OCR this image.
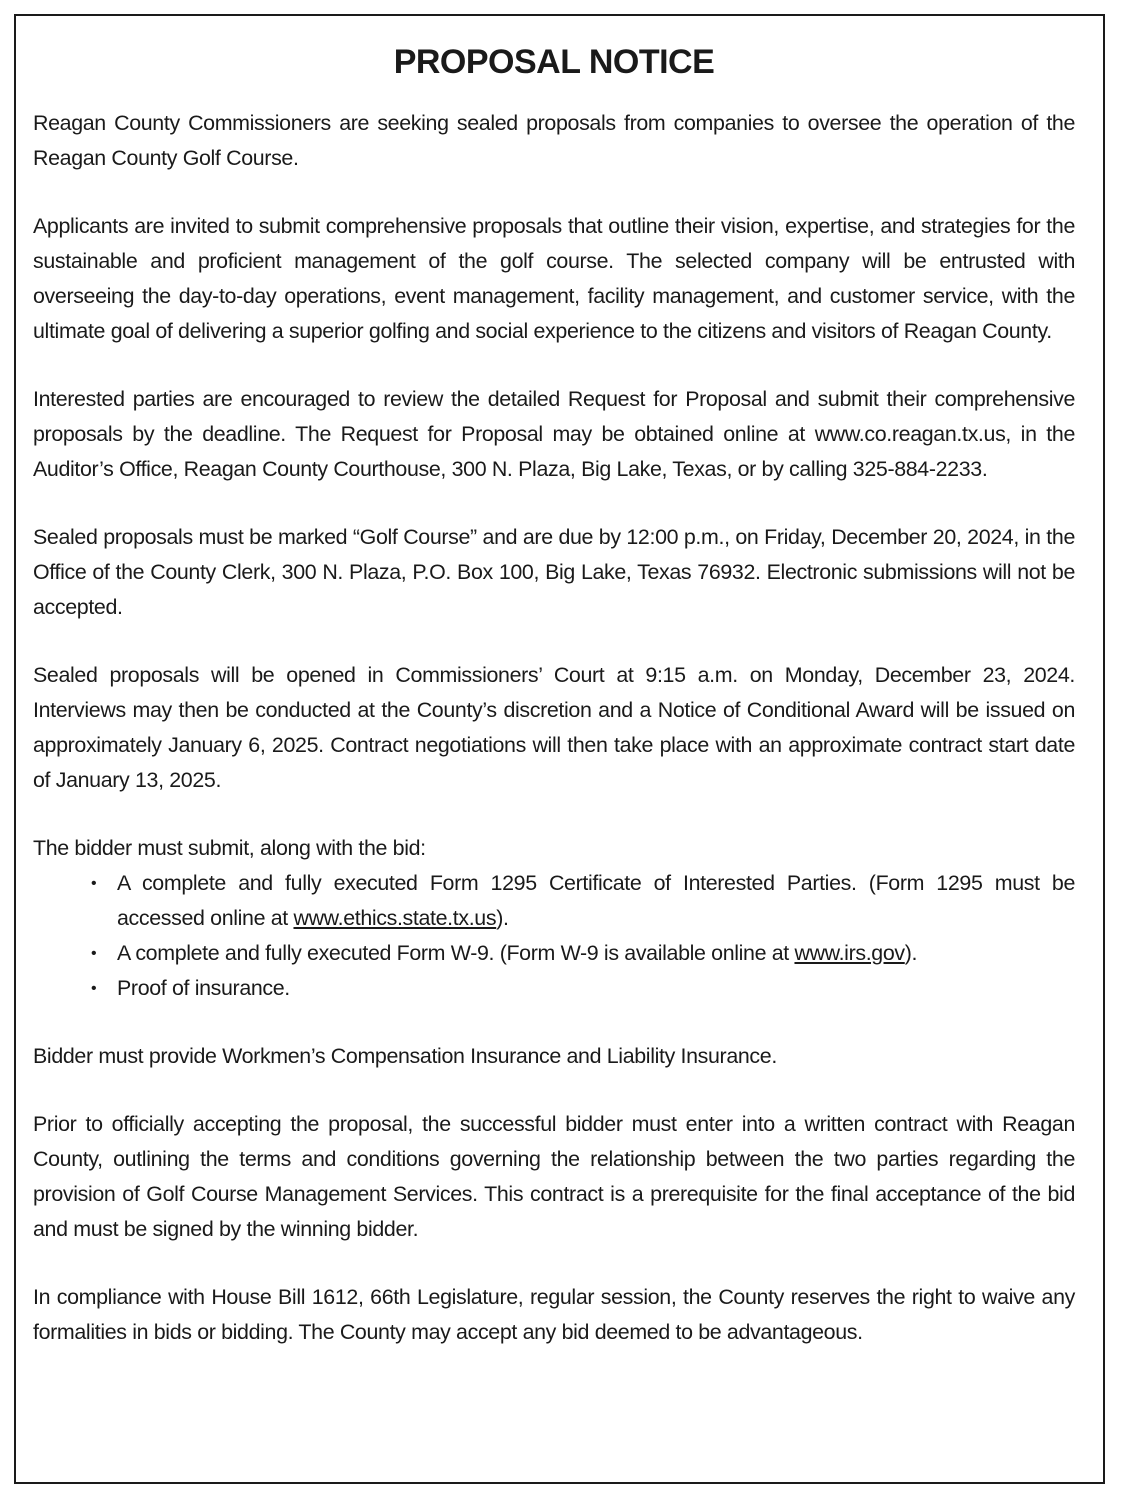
PROPOSAL NOTICE

Reagan County Commissioners are seeking sealed proposals from companies to oversee the operation of the Reagan County Golf Course.

Applicants are invited to submit comprehensive proposals that outline their vision, expertise, and strategies for the sustainable and proficient management of the golf course. The selected company will be entrusted with overseeing the day-to-day operations, event management, facility management, and customer service, with the ultimate goal of delivering a superior golfing and social experience to the citizens and visitors of Reagan County.

Interested parties are encouraged to review the detailed Request for Proposal and submit their comprehensive proposals by the deadline. The Request for Proposal may be obtained online at www.co.reagan.tx.us, in the Auditor’s Office, Reagan County Courthouse, 300 N. Plaza, Big Lake, Texas, or by calling 325-884-2233.

Sealed proposals must be marked “Golf Course” and are due by 12:00 p.m., on Friday, December 20, 2024, in the Office of the County Clerk, 300 N. Plaza, P.O. Box 100, Big Lake, Texas 76932. Electronic submissions will not be accepted.

Sealed proposals will be opened in Commissioners’ Court at 9:15 a.m. on Monday, December 23, 2024. Interviews may then be conducted at the County’s discretion and a Notice of Conditional Award will be issued on approximately January 6, 2025. Contract negotiations will then take place with an approximate contract start date of January 13, 2025.

The bidder must submit, along with the bid:

• A complete and fully executed Form 1295 Certificate of Interested Parties. (Form 1295 must be accessed online at www.ethics.state.tx.us).
• A complete and fully executed Form W-9. (Form W-9 is available online at www.irs.gov).
• Proof of insurance.

Bidder must provide Workmen’s Compensation Insurance and Liability Insurance.

Prior to officially accepting the proposal, the successful bidder must enter into a written contract with Reagan County, outlining the terms and conditions governing the relationship between the two parties regarding the provision of Golf Course Management Services. This contract is a prerequisite for the final acceptance of the bid and must be signed by the winning bidder.

In compliance with House Bill 1612, 66th Legislature, regular session, the County reserves the right to waive any formalities in bids or bidding. The County may accept any bid deemed to be advantageous.
